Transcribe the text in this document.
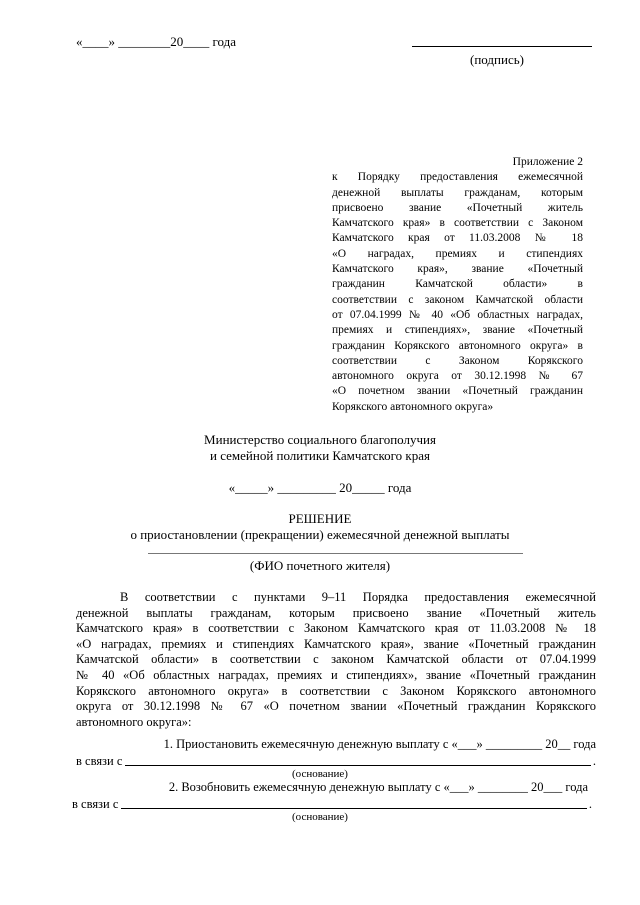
«____» ________20____ года
(подпись)
Приложение 2
к Порядку предоставления ежемесячной
денежной выплаты гражданам, которым
присвоено звание «Почетный житель
Камчатского края» в соответствии с Законом
Камчатского края от 11.03.2008 № 18
«О наградах, премиях и стипендиях
Камчатского края», звание «Почетный
гражданин Камчатской области» в
соответствии с законом Камчатской области
от 07.04.1999 № 40 «Об областных наградах,
премиях и стипендиях», звание «Почетный
гражданин Корякского автономного округа» в
соответствии с Законом Корякского
автономного округа от 30.12.1998 № 67
«О почетном звании «Почетный гражданин
Корякского автономного округа»
Министерство социального благополучия
и семейной политики Камчатского края
«_____» _________ 20_____ года
РЕШЕНИЕ
о приостановлении (прекращении) ежемесячной денежной выплаты
(ФИО почетного жителя)
В соответствии с пунктами 9–11 Порядка предоставления ежемесячной
денежной выплаты гражданам, которым присвоено звание «Почетный житель
Камчатского края» в соответствии с Законом Камчатского края от 11.03.2008 № 18
«О наградах, премиях и стипендиях Камчатского края», звание «Почетный гражданин
Камчатской области» в соответствии с законом Камчатской области от 07.04.1999
№ 40 «Об областных наградах, премиях и стипендиях», звание «Почетный гражданин
Корякского автономного округа» в соответствии с Законом Корякского автономного
округа от 30.12.1998 № 67 «О почетном звании «Почетный гражданин Корякского
автономного округа»:
1. Приостановить ежемесячную денежную выплату с «___» _________ 20__ года
в связи с	.
(основание)
2. Возобновить ежемесячную денежную выплату с «___» ________ 20___ года
в связи с	.
(основание)
